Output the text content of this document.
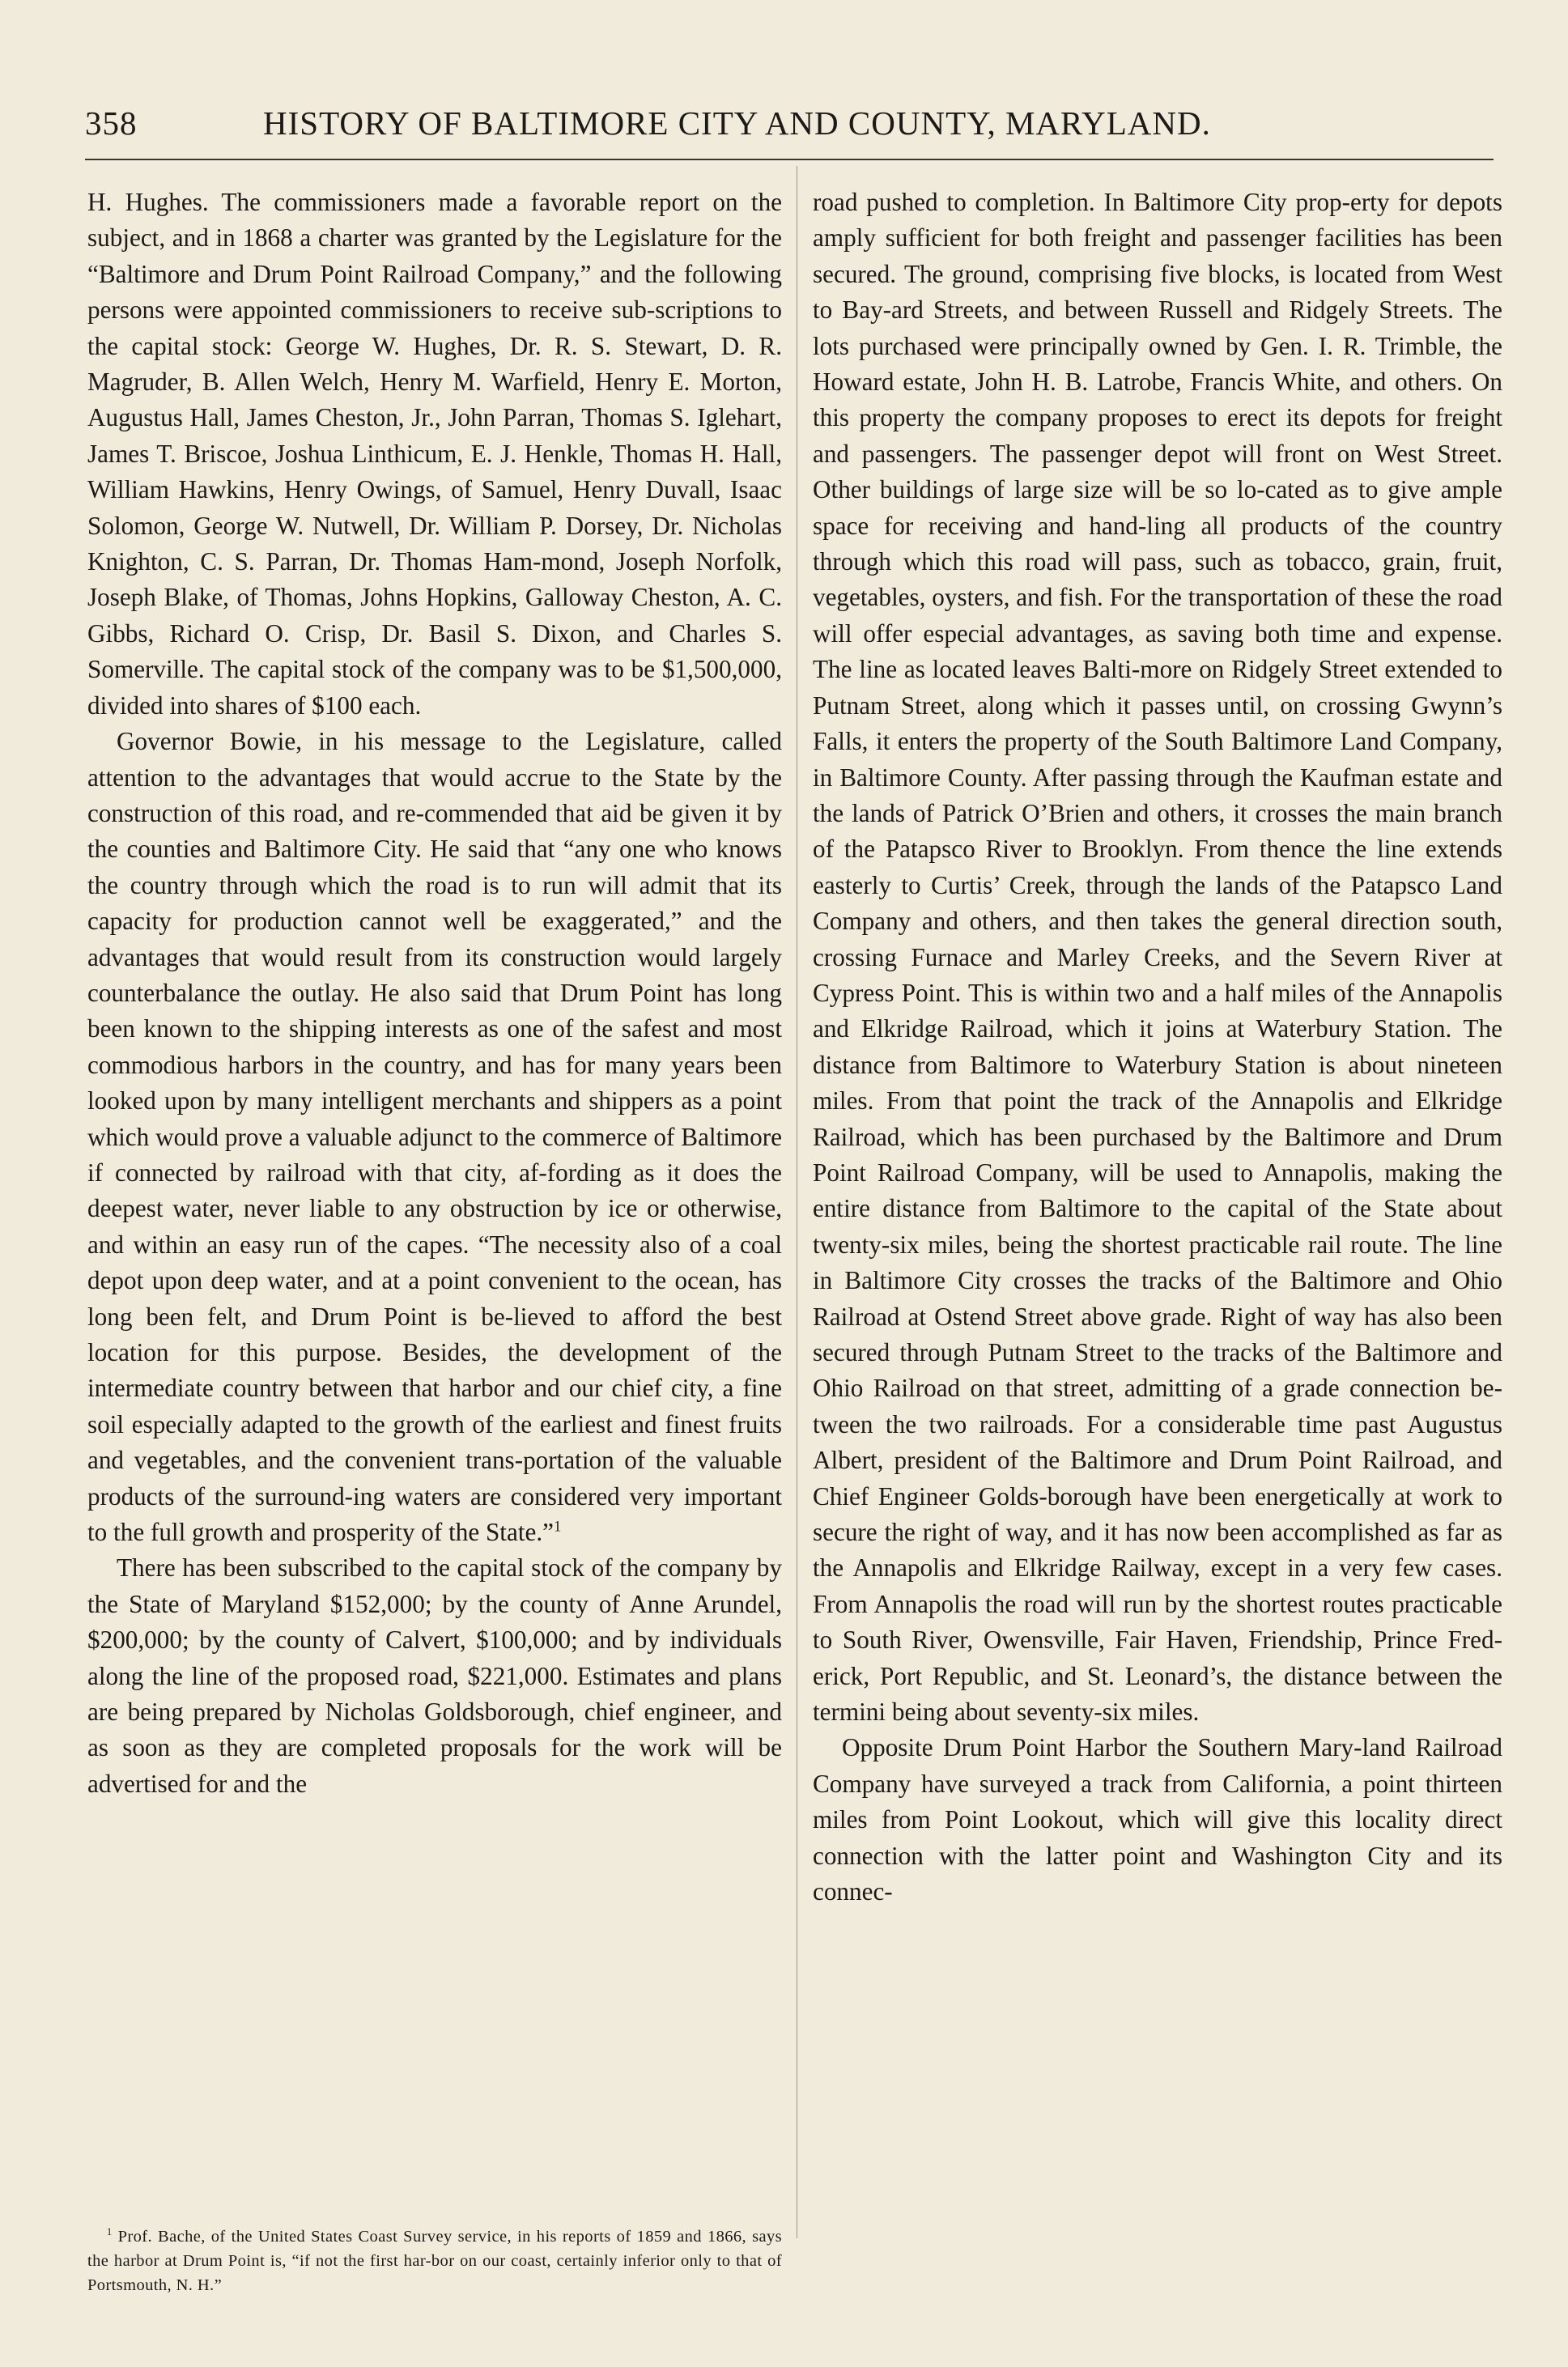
358	HISTORY OF BALTIMORE CITY AND COUNTY, MARYLAND.

H. Hughes. The commissioners made a favorable report on the subject, and in 1868 a charter was granted by the Legislature for the “Baltimore and Drum Point Railroad Company,” and the following persons were appointed commissioners to receive sub-scriptions to the capital stock: George W. Hughes, Dr. R. S. Stewart, D. R. Magruder, B. Allen Welch, Henry M. Warfield, Henry E. Morton, Augustus Hall, James Cheston, Jr., John Parran, Thomas S. Iglehart, James T. Briscoe, Joshua Linthicum, E. J. Henkle, Thomas H. Hall, William Hawkins, Henry Owings, of Samuel, Henry Duvall, Isaac Solomon, George W. Nutwell, Dr. William P. Dorsey, Dr. Nicholas Knighton, C. S. Parran, Dr. Thomas Ham-mond, Joseph Norfolk, Joseph Blake, of Thomas, Johns Hopkins, Galloway Cheston, A. C. Gibbs, Richard O. Crisp, Dr. Basil S. Dixon, and Charles S. Somerville. The capital stock of the company was to be $1,500,000, divided into shares of $100 each.

Governor Bowie, in his message to the Legislature, called attention to the advantages that would accrue to the State by the construction of this road, and re-commended that aid be given it by the counties and Baltimore City. He said that “any one who knows the country through which the road is to run will admit that its capacity for production cannot well be exaggerated,” and the advantages that would result from its construction would largely counterbalance the outlay. He also said that Drum Point has long been known to the shipping interests as one of the safest and most commodious harbors in the country, and has for many years been looked upon by many intelligent merchants and shippers as a point which would prove a valuable adjunct to the commerce of Baltimore if connected by railroad with that city, af-fording as it does the deepest water, never liable to any obstruction by ice or otherwise, and within an easy run of the capes. “The necessity also of a coal depot upon deep water, and at a point convenient to the ocean, has long been felt, and Drum Point is be-lieved to afford the best location for this purpose. Besides, the development of the intermediate country between that harbor and our chief city, a fine soil especially adapted to the growth of the earliest and finest fruits and vegetables, and the convenient trans-portation of the valuable products of the surround-ing waters are considered very important to the full growth and prosperity of the State.”$^1$

There has been subscribed to the capital stock of the company by the State of Maryland $152,000; by the county of Anne Arundel, $200,000; by the county of Calvert, $100,000; and by individuals along the line of the proposed road, $221,000. Estimates and plans are being prepared by Nicholas Goldsborough, chief engineer, and as soon as they are completed proposals for the work will be advertised for and the

road pushed to completion. In Baltimore City prop-erty for depots amply sufficient for both freight and passenger facilities has been secured. The ground, comprising five blocks, is located from West to Bay-ard Streets, and between Russell and Ridgely Streets. The lots purchased were principally owned by Gen. I. R. Trimble, the Howard estate, John H. B. Latrobe, Francis White, and others. On this property the company proposes to erect its depots for freight and passengers. The passenger depot will front on West Street. Other buildings of large size will be so lo-cated as to give ample space for receiving and hand-ling all products of the country through which this road will pass, such as tobacco, grain, fruit, vegetables, oysters, and fish. For the transportation of these the road will offer especial advantages, as saving both time and expense. The line as located leaves Balti-more on Ridgely Street extended to Putnam Street, along which it passes until, on crossing Gwynn’s Falls, it enters the property of the South Baltimore Land Company, in Baltimore County. After passing through the Kaufman estate and the lands of Patrick O’Brien and others, it crosses the main branch of the Patapsco River to Brooklyn. From thence the line extends easterly to Curtis’ Creek, through the lands of the Patapsco Land Company and others, and then takes the general direction south, crossing Furnace and Marley Creeks, and the Severn River at Cypress Point. This is within two and a half miles of the Annapolis and Elkridge Railroad, which it joins at Waterbury Station. The distance from Baltimore to Waterbury Station is about nineteen miles. From that point the track of the Annapolis and Elkridge Railroad, which has been purchased by the Baltimore and Drum Point Railroad Company, will be used to Annapolis, making the entire distance from Baltimore to the capital of the State about twenty-six miles, being the shortest practicable rail route. The line in Baltimore City crosses the tracks of the Baltimore and Ohio Railroad at Ostend Street above grade. Right of way has also been secured through Putnam Street to the tracks of the Baltimore and Ohio Railroad on that street, admitting of a grade connection be-tween the two railroads. For a considerable time past Augustus Albert, president of the Baltimore and Drum Point Railroad, and Chief Engineer Golds-borough have been energetically at work to secure the right of way, and it has now been accomplished as far as the Annapolis and Elkridge Railway, except in a very few cases. From Annapolis the road will run by the shortest routes practicable to South River, Owensville, Fair Haven, Friendship, Prince Fred-erick, Port Republic, and St. Leonard’s, the distance between the termini being about seventy-six miles.

Opposite Drum Point Harbor the Southern Mary-land Railroad Company have surveyed a track from California, a point thirteen miles from Point Lookout, which will give this locality direct connection with the latter point and Washington City and its connec-

$^1$ Prof. Bache, of the United States Coast Survey service, in his reports of 1859 and 1866, says the harbor at Drum Point is, “if not the first har-bor on our coast, certainly inferior only to that of Portsmouth, N. H.”
